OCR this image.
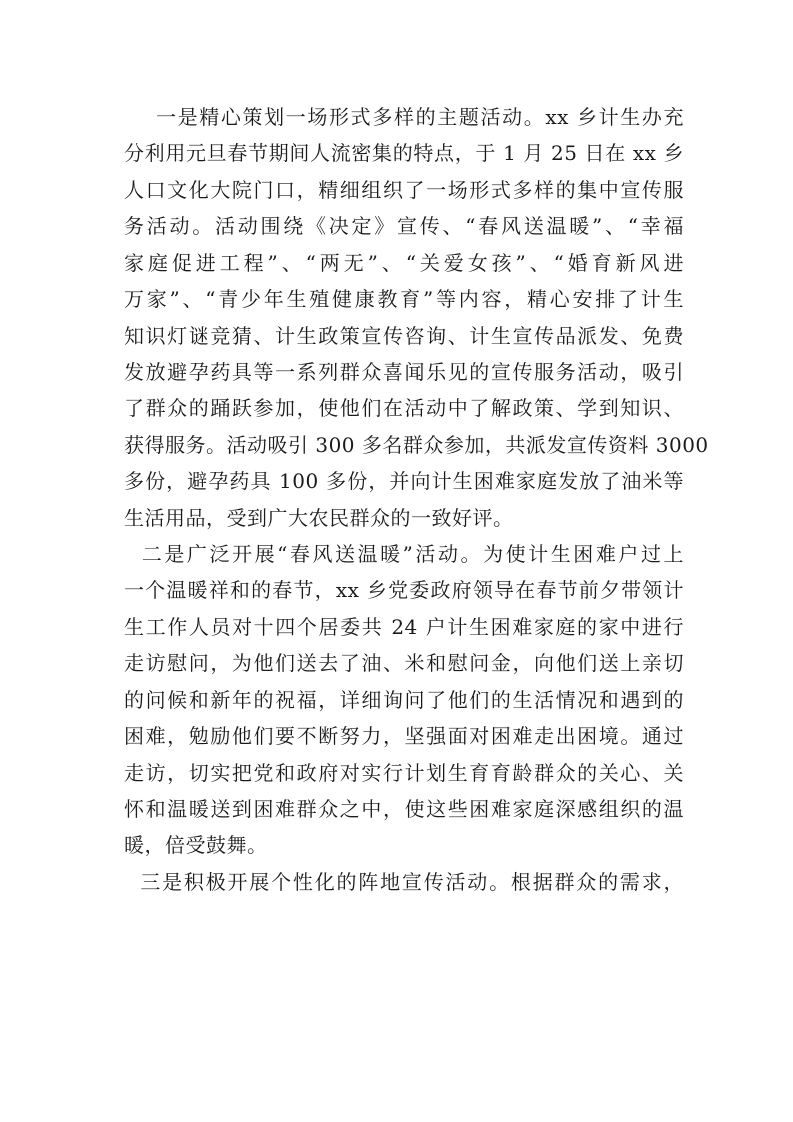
一是精心策划一场形式多样的主题活动。xx 乡计生办充
分利用元旦春节期间人流密集的特点，于 1 月 25 日在 xx 乡
人口文化大院门口，精细组织了一场形式多样的集中宣传服
务活动。活动围绕《决定》宣传、“春风送温暖”、“幸福
家庭促进工程”、“两无”、“关爱女孩”、“婚育新风进
万家”、“青少年生殖健康教育”等内容，精心安排了计生
知识灯谜竞猜、计生政策宣传咨询、计生宣传品派发、免费
发放避孕药具等一系列群众喜闻乐见的宣传服务活动，吸引
了群众的踊跃参加，使他们在活动中了解政策、学到知识、
获得服务。活动吸引 300 多名群众参加，共派发宣传资料 3000
多份，避孕药具 100 多份，并向计生困难家庭发放了油米等
生活用品，受到广大农民群众的一致好评。
二是广泛开展“春风送温暖”活动。为使计生困难户过上
一个温暖祥和的春节，xx 乡党委政府领导在春节前夕带领计
生工作人员对十四个居委共 24 户计生困难家庭的家中进行
走访慰问，为他们送去了油、米和慰问金，向他们送上亲切
的问候和新年的祝福，详细询问了他们的生活情况和遇到的
困难，勉励他们要不断努力，坚强面对困难走出困境。通过
走访，切实把党和政府对实行计划生育育龄群众的关心、关
怀和温暖送到困难群众之中，使这些困难家庭深感组织的温
暖，倍受鼓舞。
三是积极开展个性化的阵地宣传活动。根据群众的需求，
